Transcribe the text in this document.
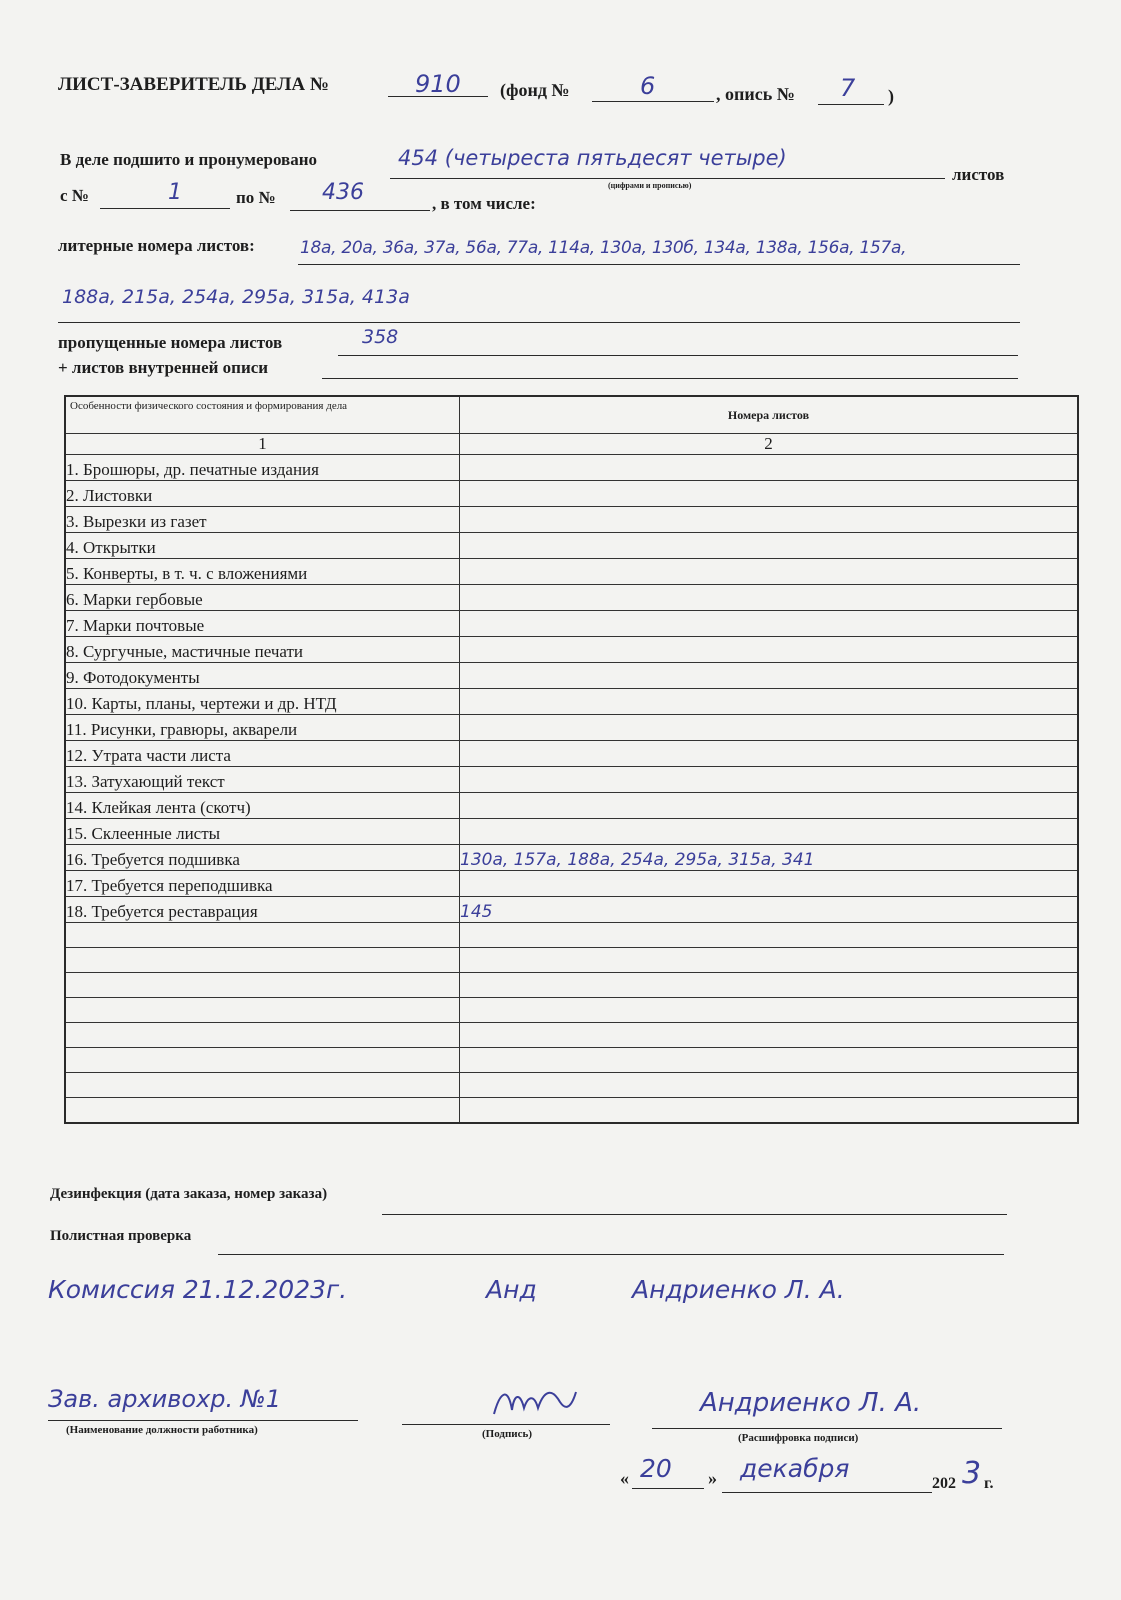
ЛИСТ-ЗАВЕРИТЕЛЬ ДЕЛА №	910 (фонд №	6	, опись № 7 )
В деле подшито и пронумеровано	454 (четыреста пятьдесят четыре)
листов
(цифрами и прописью)
с №	1	по № 436	, в том числе:
литерные номера листов:	18а, 20а, 36а, 37а, 56а, 77а, 114а, 130а, 130б, 134а, 138а, 156а, 157а,
188а, 215а, 254а, 295а, 315а, 413а
пропущенные номера листов	358
+ листов внутренней описи
Особенности физического состояния и формирования дела	Номера листов
1	2
1. Брошюры, др. печатные издания	
2. Листовки	
3. Вырезки из газет	
4. Открытки	
5. Конверты, в т. ч. с вложениями	
6. Марки гербовые	
7. Марки почтовые	
8. Сургучные, мастичные печати	
9. Фотодокументы	
10. Карты, планы, чертежи и др. НТД	
11. Рисунки, гравюры, акварели	
12. Утрата части листа	
13. Затухающий текст	
14. Клейкая лента (скотч)	
15. Склеенные листы	
16. Требуется подшивка	130а, 157а, 188а, 254а, 295а, 315а, 341
17. Требуется переподшивка	
18. Требуется реставрация	145

Дезинфекция (дата заказа, номер заказа)
Полистная проверка
Комиссия 21.12.2023г.	Анд	Андриенко Л. А.
Зав. архивохр. №1
(Наименование должности работника)	(Подпись)
Андриенко Л. А.
(Расшифровка подписи)
« 20 » декабря
202 3 г.
